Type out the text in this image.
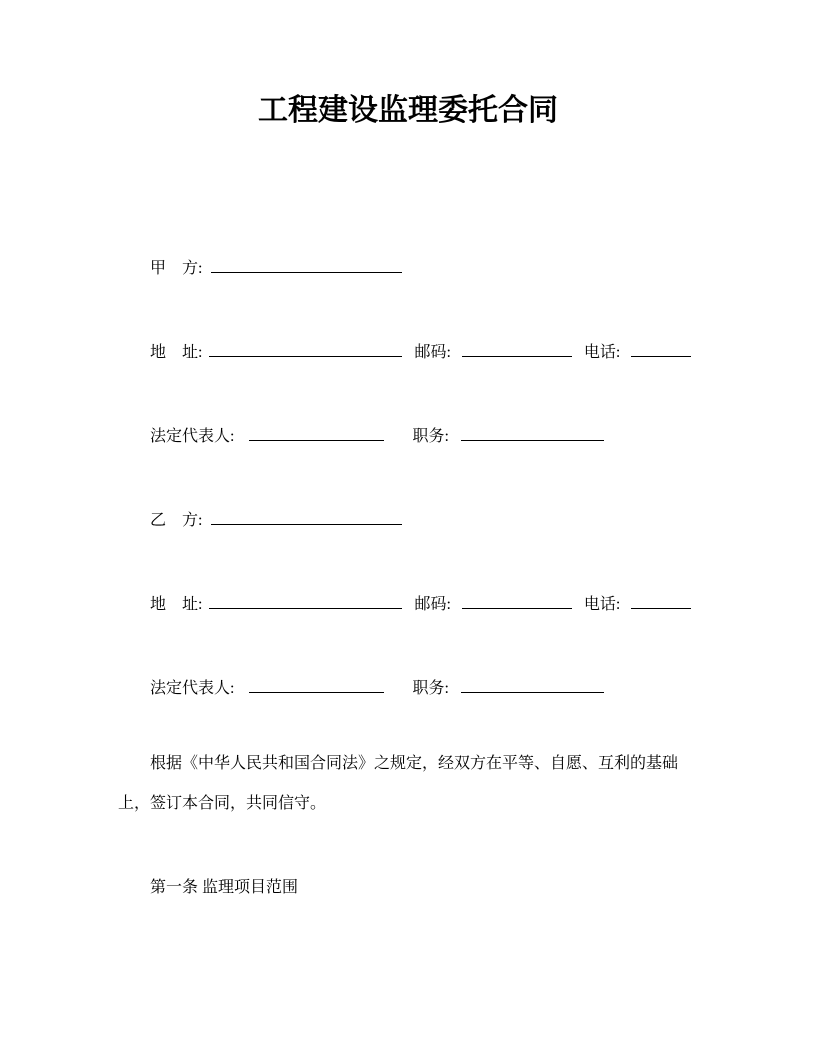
工程建设监理委托合同
甲　方:
地　址:	邮码:	电话:
法定代表人:	职务:
乙　方:
地　址:	邮码:	电话:
法定代表人:	职务:

根据《中华人民共和国合同法》之规定，经双方在平等、自愿、互利的基础上，签订本合同，共同信守。

第一条 监理项目范围
